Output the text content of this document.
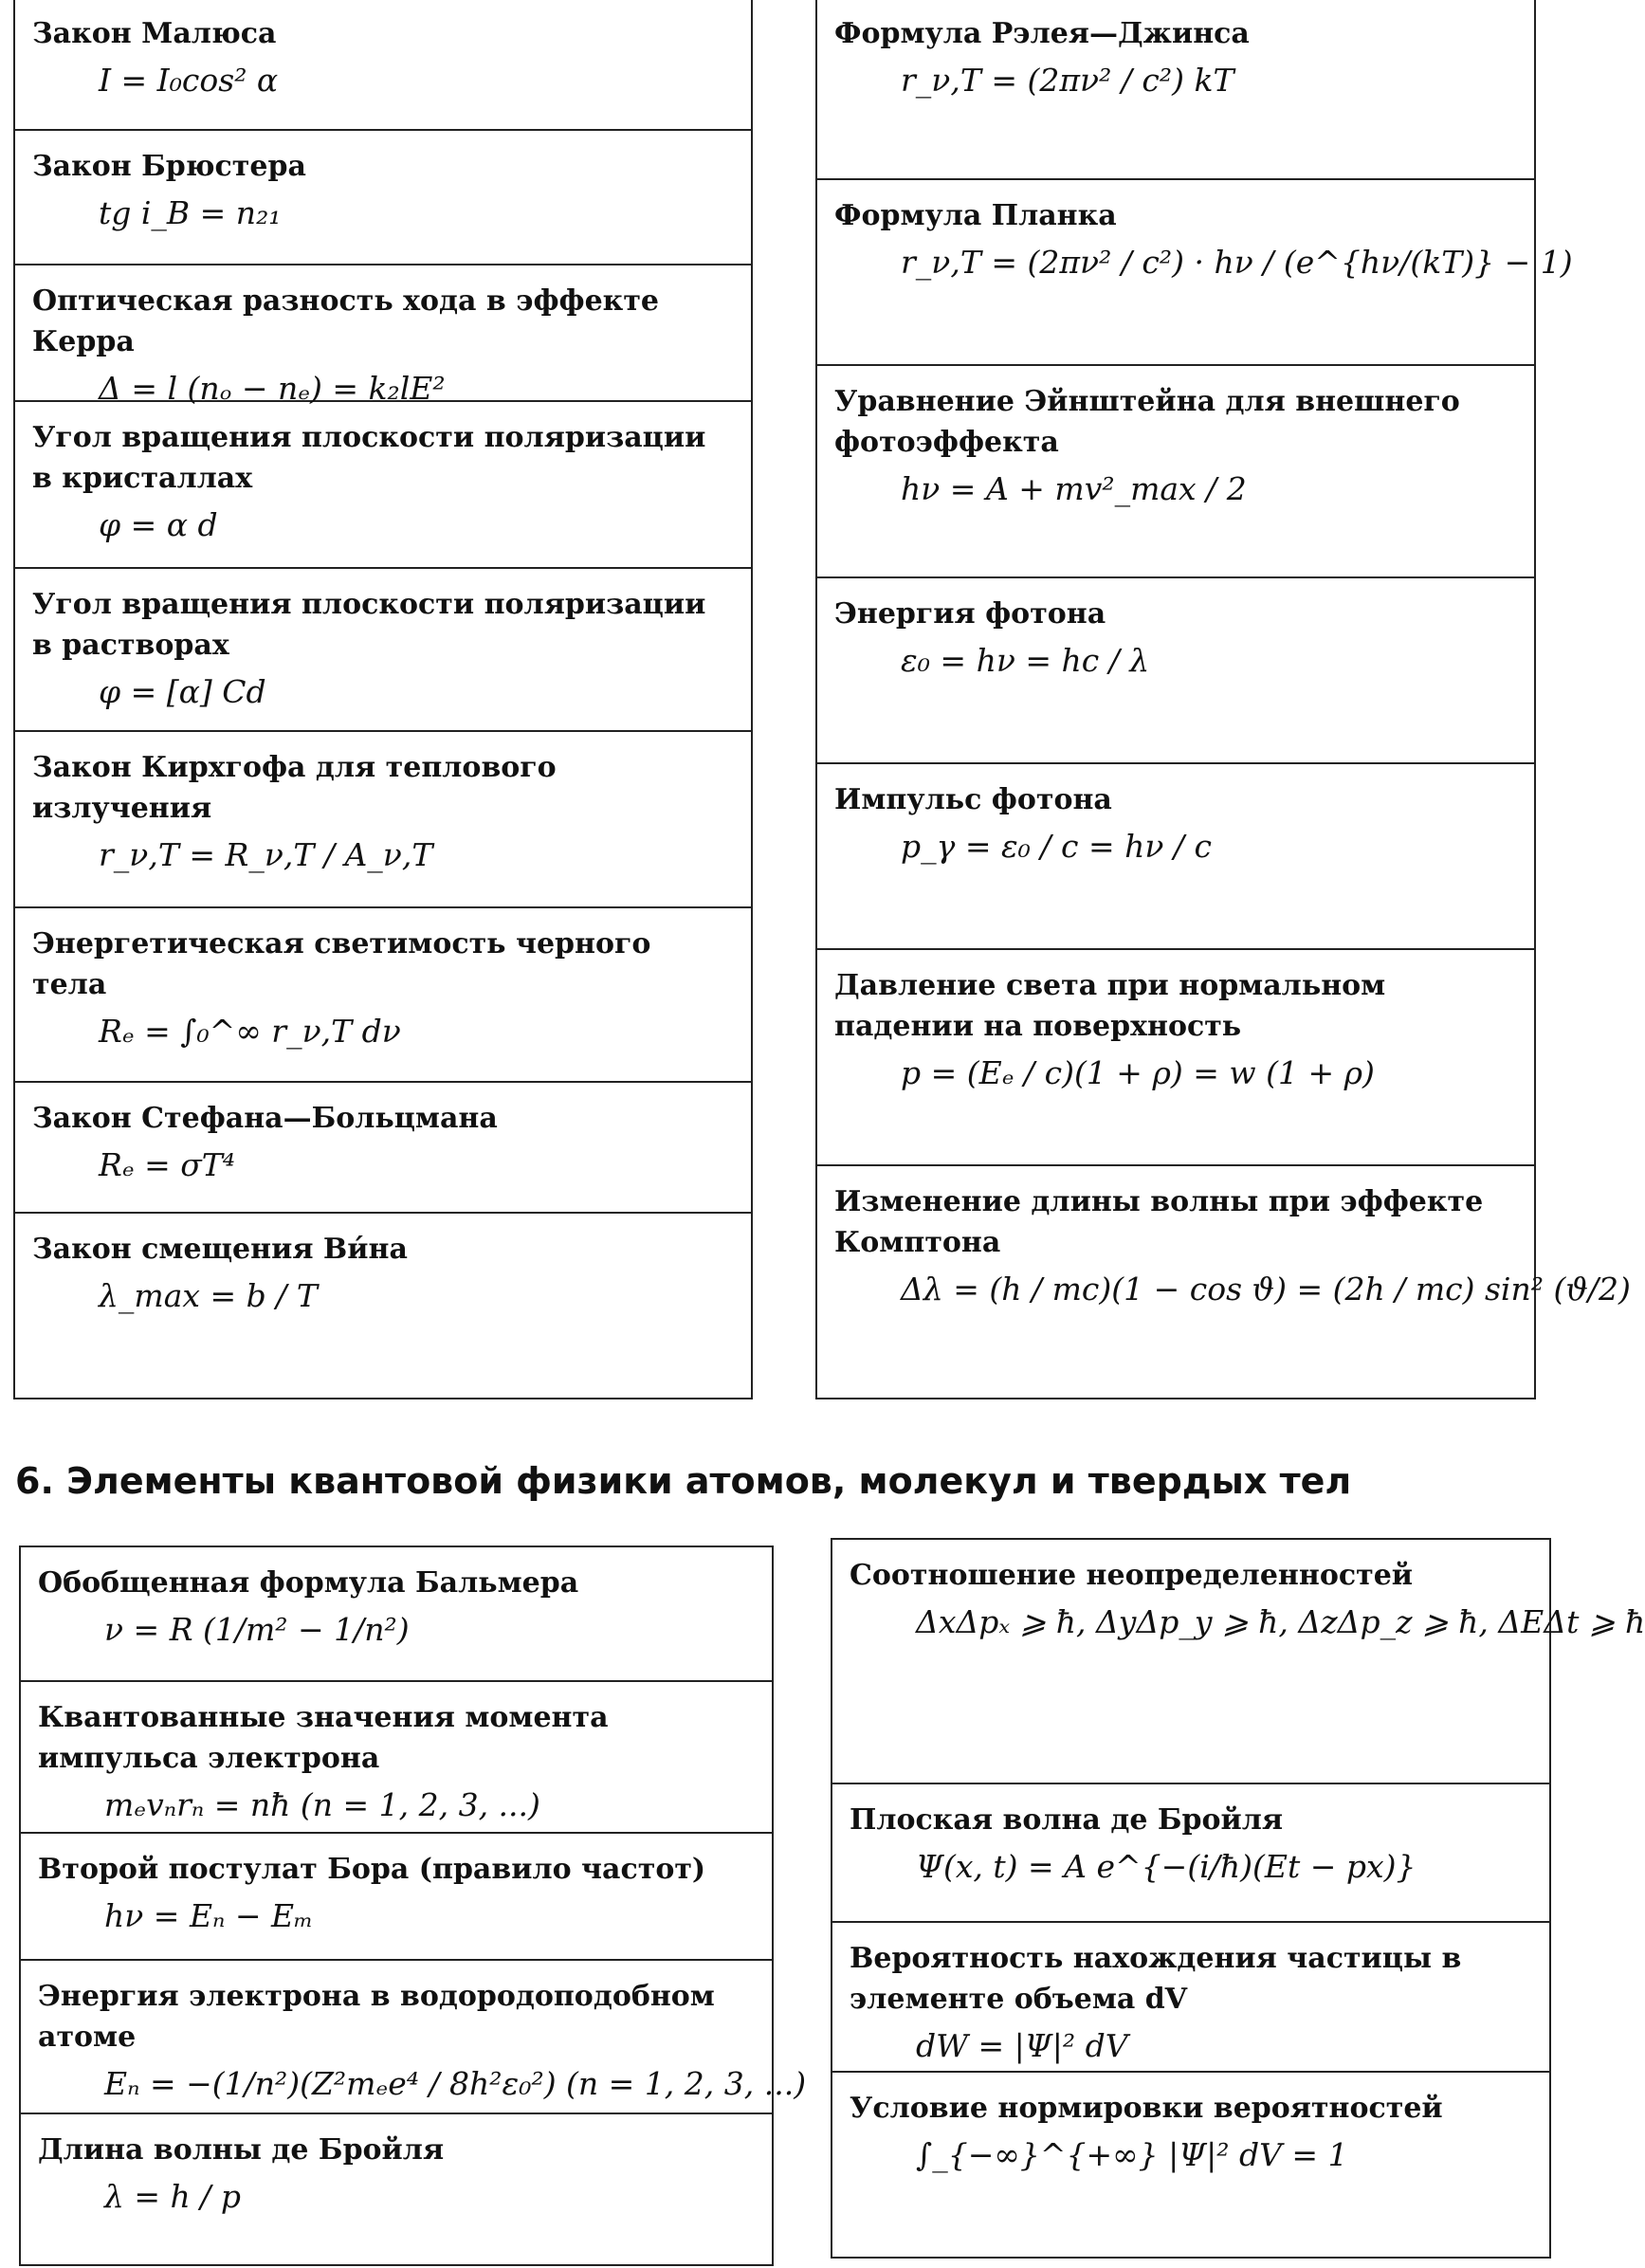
Закон Малюса
I = I₀cos² α
Закон Брюстера
tg i_B = n₂₁
Оптическая разность хода в эффекте Керра
Δ = l (nₒ − nₑ) = k₂lE²
Угол вращения плоскости поляризации в кристаллах
φ = α d
Угол вращения плоскости поляризации в растворах
φ = [α] Cd
Закон Кирхгофа для теплового излучения
r_ν,T = R_ν,T / A_ν,T
Энергетическая светимость черного тела
Rₑ = ∫₀^∞ r_ν,T dν
Закон Стефана—Больцмана
Rₑ = σT⁴
Закон смещения Ви́на
λ_max = b / T
Формула Рэлея—Джинса
r_ν,T = (2πν² / c²) kT
Формула Планка
r_ν,T = (2πν² / c²) · hν / (e^{hν/(kT)} − 1)
Уравнение Эйнштейна для внешнего фотоэффекта
hν = A + mv²_max / 2
Энергия фотона
ε₀ = hν = hc / λ
Импульс фотона
p_γ = ε₀ / c = hν / c
Давление света при нормальном падении на поверхность
p = (Eₑ / c)(1 + ρ) = w (1 + ρ)
Изменение длины волны при эффекте Комптона
Δλ = (h / mc)(1 − cos ϑ) = (2h / mc) sin² (ϑ/2)
6. Элементы квантовой физики атомов, молекул и твердых тел
Обобщенная формула Бальмера
ν = R (1/m² − 1/n²)
Квантованные значения момента импульса электрона
mₑvₙrₙ = nħ (n = 1, 2, 3, ...)
Второй постулат Бора (правило частот)
hν = Eₙ − Eₘ
Энергия электрона в водородоподобном атоме
Eₙ = −(1/n²)(Z²mₑe⁴ / 8h²ε₀²) (n = 1, 2, 3, ...)
Длина волны де Бройля
λ = h / p
Соотношение неопределенностей
ΔxΔpₓ ⩾ ħ, ΔyΔp_y ⩾ ħ, ΔzΔp_z ⩾ ħ, ΔEΔt ⩾ ħ
Плоская волна де Бройля
Ψ(x, t) = A e^{−(i/ħ)(Et − px)}
Вероятность нахождения частицы в элементе объема dV
dW = |Ψ|² dV
Условие нормировки вероятностей
∫_{−∞}^{+∞} |Ψ|² dV = 1
